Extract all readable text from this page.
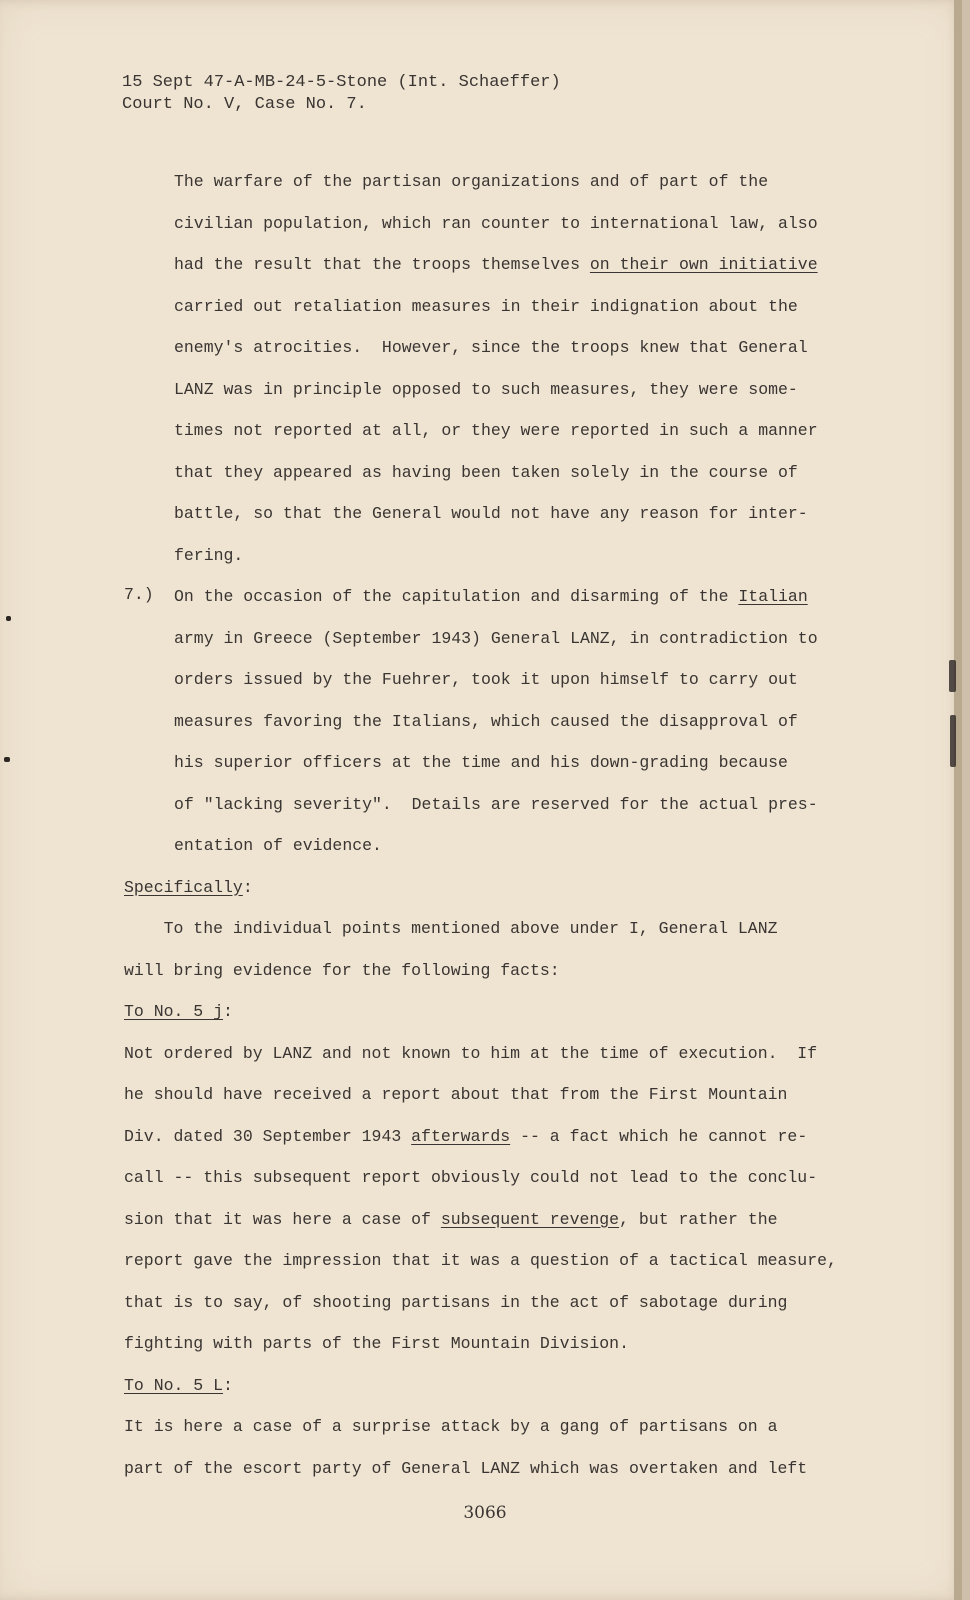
15 Sept 47-A-MB-24-5-Stone (Int. Schaeffer)
Court No. V, Case No. 7.
The warfare of the partisan organizations and of part of the
civilian population, which ran counter to international law, also
had the result that the troops themselves on their own initiative
carried out retaliation measures in their indignation about the
enemy's atrocities.  However, since the troops knew that General
LANZ was in principle opposed to such measures, they were some-
times not reported at all, or they were reported in such a manner
that they appeared as having been taken solely in the course of
battle, so that the General would not have any reason for inter-
fering.
7.)	On the occasion of the capitulation and disarming of the Italian
army in Greece (September 1943) General LANZ, in contradiction to
orders issued by the Fuehrer, took it upon himself to carry out
measures favoring the Italians, which caused the disapproval of
his superior officers at the time and his down-grading because
of "lacking severity".  Details are reserved for the actual pres-
entation of evidence.
Specifically:
To the individual points mentioned above under I, General LANZ
will bring evidence for the following facts:
To No. 5 j:
Not ordered by LANZ and not known to him at the time of execution.  If
he should have received a report about that from the First Mountain
Div. dated 30 September 1943 afterwards -- a fact which he cannot re-
call -- this subsequent report obviously could not lead to the conclu-
sion that it was here a case of subsequent revenge, but rather the
report gave the impression that it was a question of a tactical measure,
that is to say, of shooting partisans in the act of sabotage during
fighting with parts of the First Mountain Division.
To No. 5 L:
It is here a case of a surprise attack by a gang of partisans on a
part of the escort party of General LANZ which was overtaken and left
3066
